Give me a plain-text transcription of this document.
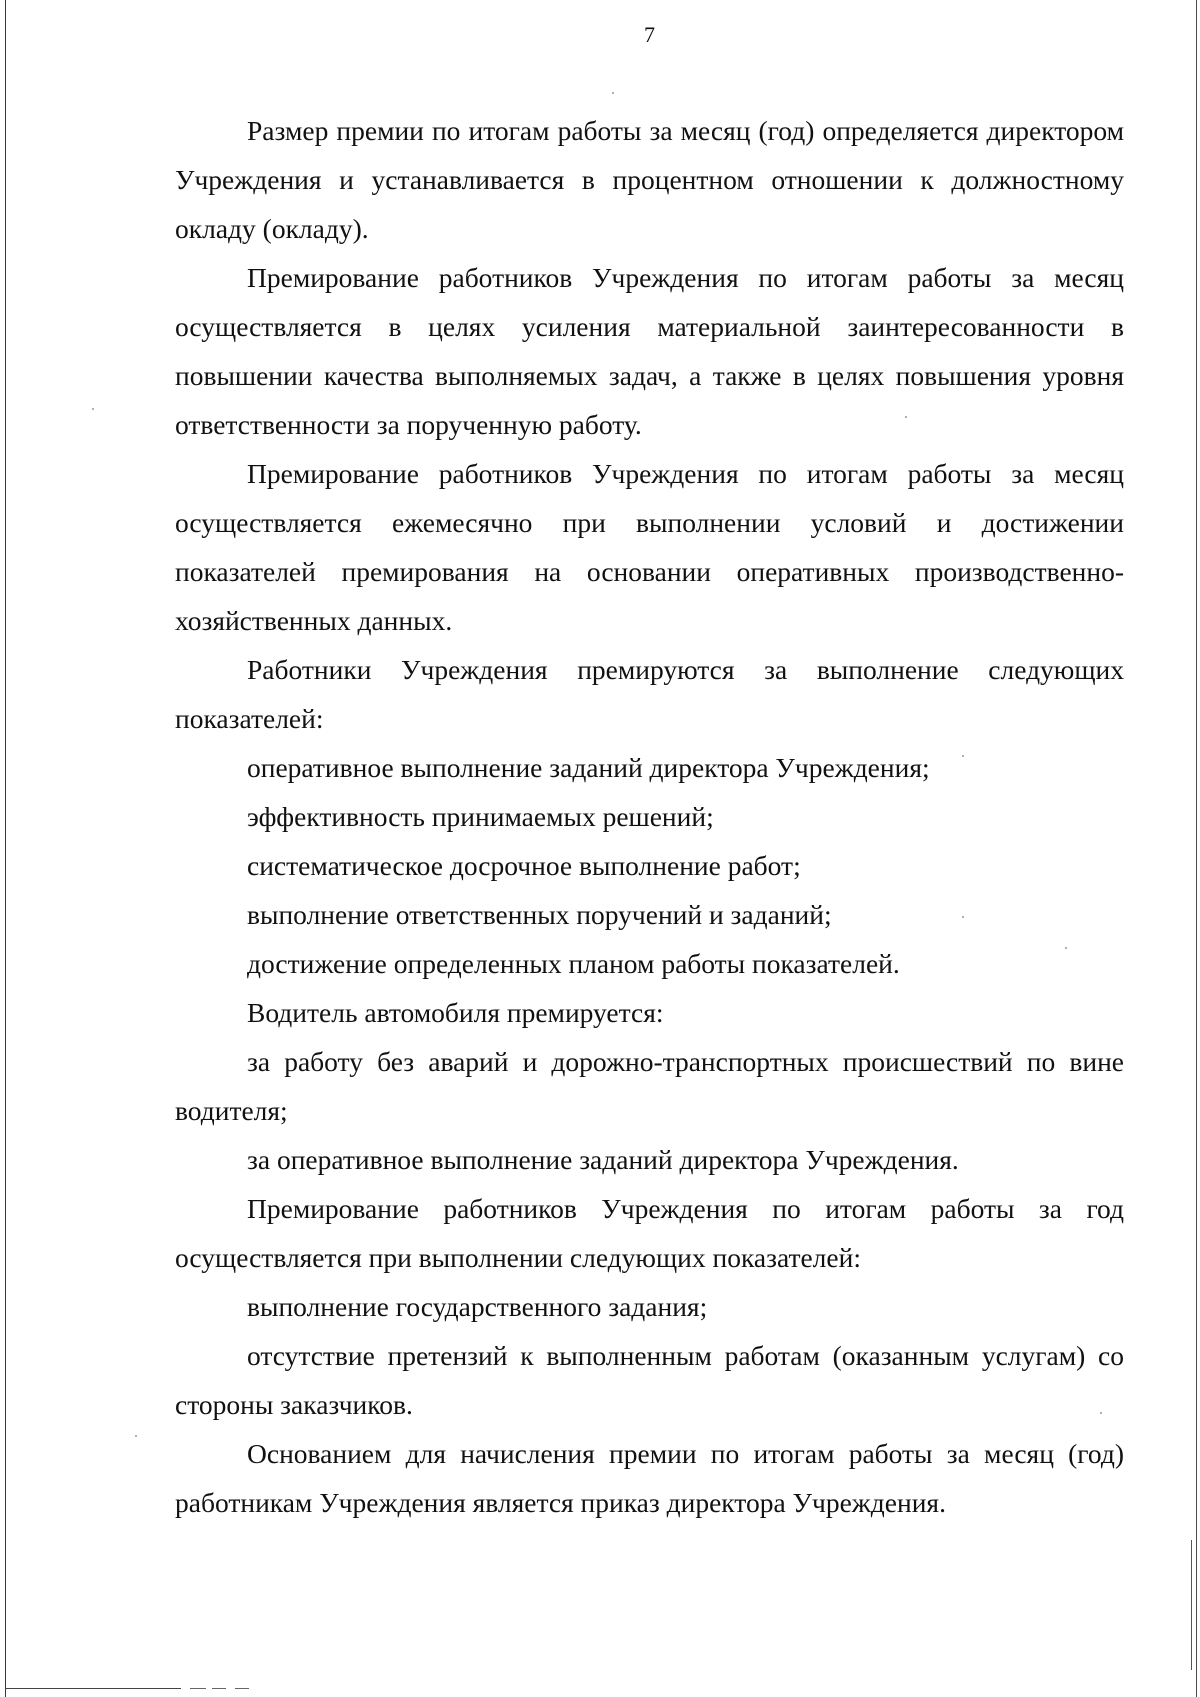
7

Размер премии по итогам работы за месяц (год) определяется директором Учреждения и устанавливается в процентном отношении к должностному окладу (окладу).

Премирование работников Учреждения по итогам работы за месяц осуществляется в целях усиления материальной заинтересованности в повышении качества выполняемых задач, а также в целях повышения уровня ответственности за порученную работу.

Премирование работников Учреждения по итогам работы за месяц осуществляется ежемесячно при выполнении условий и достижении показателей премирования на основании оперативных производственно-хозяйственных данных.

Работники Учреждения премируются за выполнение следующих показателей:

оперативное выполнение заданий директора Учреждения;

эффективность принимаемых решений;

систематическое досрочное выполнение работ;

выполнение ответственных поручений и заданий;

достижение определенных планом работы показателей.

Водитель автомобиля премируется:

за работу без аварий и дорожно-транспортных происшествий по вине водителя;

за оперативное выполнение заданий директора Учреждения.

Премирование работников Учреждения по итогам работы за год осуществляется при выполнении следующих показателей:

выполнение государственного задания;

отсутствие претензий к выполненным работам (оказанным услугам) со стороны заказчиков.

Основанием для начисления премии по итогам работы за месяц (год) работникам Учреждения является приказ директора Учреждения.
